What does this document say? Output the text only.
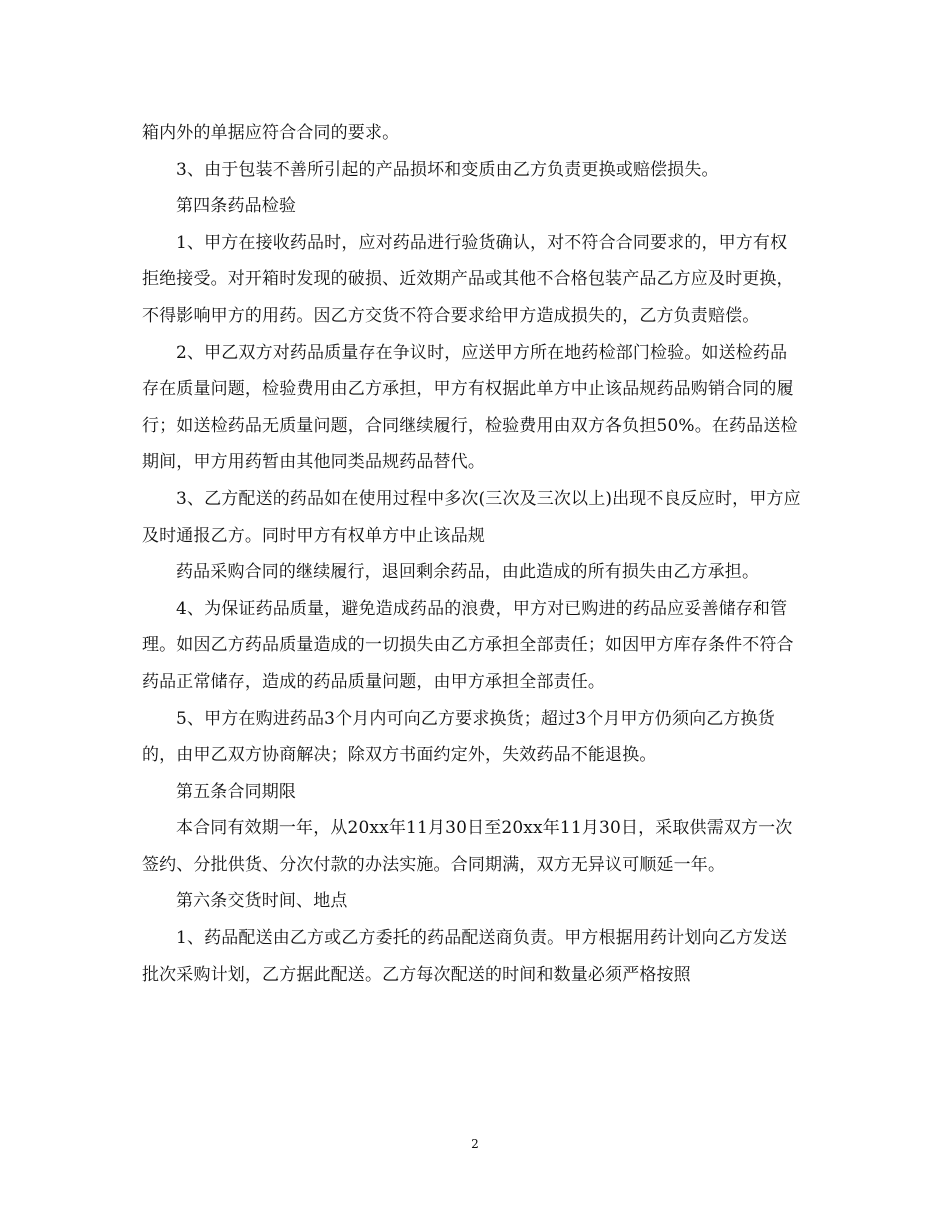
箱内外的单据应符合合同的要求。

3、由于包装不善所引起的产品损坏和变质由乙方负责更换或赔偿损失。

第四条药品检验

1、甲方在接收药品时，应对药品进行验货确认，对不符合合同要求的，甲方有权拒绝接受。对开箱时发现的破损、近效期产品或其他不合格包装产品乙方应及时更换，不得影响甲方的用药。因乙方交货不符合要求给甲方造成损失的，乙方负责赔偿。

2、甲乙双方对药品质量存在争议时，应送甲方所在地药检部门检验。如送检药品存在质量问题，检验费用由乙方承担，甲方有权据此单方中止该品规药品购销合同的履行；如送检药品无质量问题，合同继续履行，检验费用由双方各负担50%。在药品送检期间，甲方用药暂由其他同类品规药品替代。

3、乙方配送的药品如在使用过程中多次(三次及三次以上)出现不良反应时，甲方应及时通报乙方。同时甲方有权单方中止该品规

药品采购合同的继续履行，退回剩余药品，由此造成的所有损失由乙方承担。

4、为保证药品质量，避免造成药品的浪费，甲方对已购进的药品应妥善储存和管理。如因乙方药品质量造成的一切损失由乙方承担全部责任；如因甲方库存条件不符合药品正常储存，造成的药品质量问题，由甲方承担全部责任。

5、甲方在购进药品3个月内可向乙方要求换货；超过3个月甲方仍须向乙方换货的，由甲乙双方协商解决；除双方书面约定外，失效药品不能退换。

第五条合同期限

本合同有效期一年，从20xx年11月30日至20xx年11月30日，采取供需双方一次签约、分批供货、分次付款的办法实施。合同期满，双方无异议可顺延一年。

第六条交货时间、地点

1、药品配送由乙方或乙方委托的药品配送商负责。甲方根据用药计划向乙方发送批次采购计划，乙方据此配送。乙方每次配送的时间和数量必须严格按照

2
